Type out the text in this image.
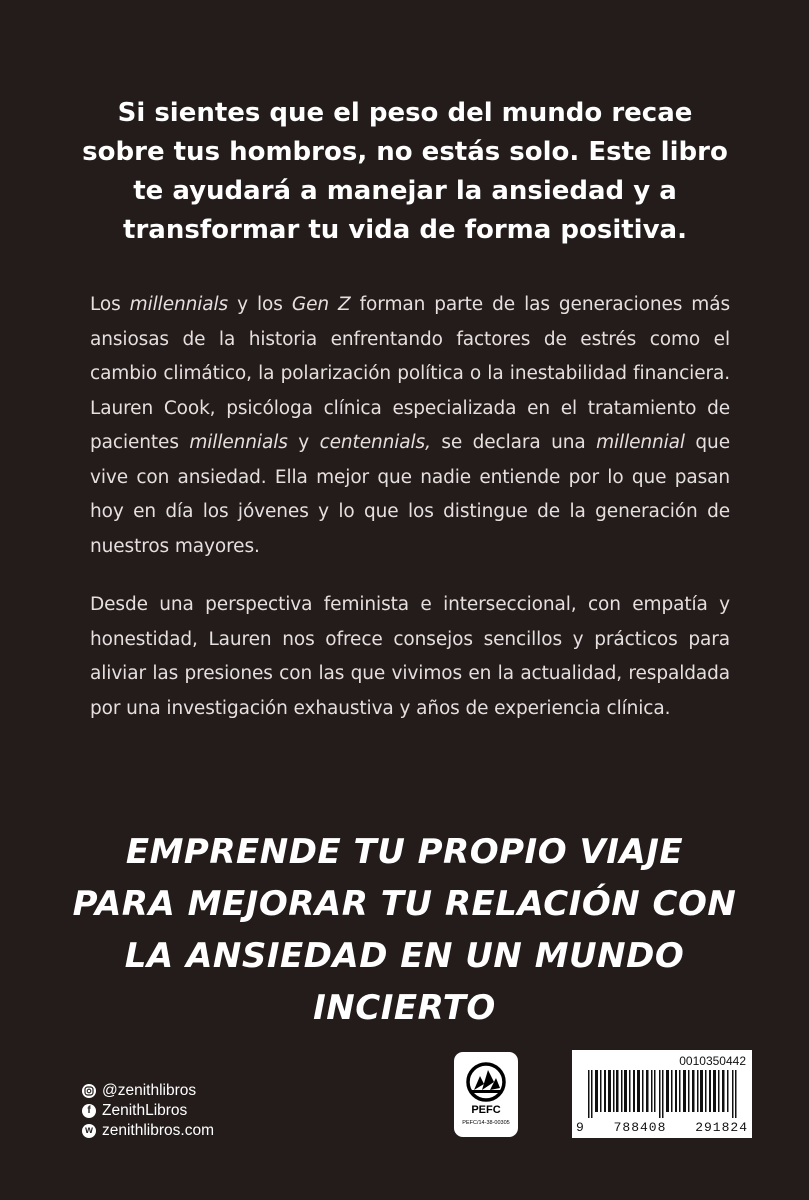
Si sientes que el peso del mundo recae sobre tus hombros, no estás solo. Este libro te ayudará a manejar la ansiedad y a transformar tu vida de forma positiva.
Los millennials y los Gen Z forman parte de las generaciones más ansiosas de la historia enfrentando factores de estrés como el cambio climático, la polarización política o la inestabilidad financiera. Lauren Cook, psicóloga clínica especializada en el tratamiento de pacientes millennials y centennials, se declara una millennial que vive con ansiedad. Ella mejor que nadie entiende por lo que pasan hoy en día los jóvenes y lo que los distingue de la generación de nuestros mayores.
Desde una perspectiva feminista e interseccional, con empatía y honestidad, Lauren nos ofrece consejos sencillos y prácticos para aliviar las presiones con las que vivimos en la actualidad, respaldada por una investigación exhaustiva y años de experiencia clínica.
EMPRENDE TU PROPIO VIAJE
PARA MEJORAR TU RELACIÓN CON
LA ANSIEDAD EN UN MUNDO INCIERTO
@zenithlibros
f ZenithLibros
w zenithlibros.com
PEFC
PEFC/14-38-00305
0010350442
9 788408 291824
